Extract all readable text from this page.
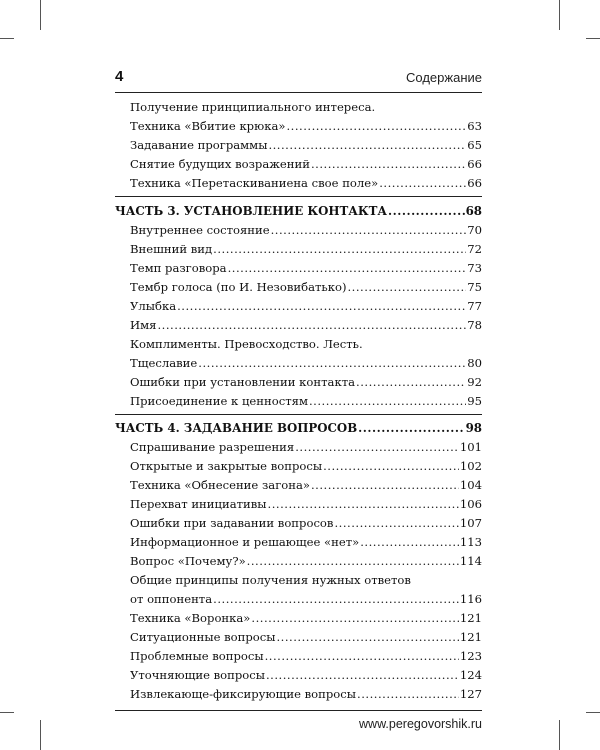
4	Содержание
Получение принципиального интереса.
Техника «Вбитие крюка» .....	63
Задавание программы .....	65
Снятие будущих возражений .....	66
Техника «Перетаскиваниена свое поле» .....	66
ЧАСТЬ 3. УСТАНОВЛЕНИЕ КОНТАКТА .....	68
Внутреннее состояние .....	70
Внешний вид .....	72
Темп разговора .....	73
Тембр голоса (по И. Незовибатько) .....	75
Улыбка .....	77
Имя .....	78
Комплименты. Превосходство. Лесть.
Тщеславие .....	80
Ошибки при установлении контакта .....	92
Присоединение к ценностям .....	95
ЧАСТЬ 4. ЗАДАВАНИЕ ВОПРОСОВ .....	98
Спрашивание разрешения .....	101
Открытые и закрытые вопросы .....	102
Техника «Обнесение загона» .....	104
Перехват инициативы .....	106
Ошибки при задавании вопросов .....	107
Информационное и решающее «нет» .....	113
Вопрос «Почему?» .....	114
Общие принципы получения нужных ответов
от оппонента .....	116
Техника «Воронка» .....	121
Ситуационные вопросы .....	121
Проблемные вопросы .....	123
Уточняющие вопросы .....	124
Извлекающе-фиксирующие вопросы .....	127
www.peregovorshik.ru
